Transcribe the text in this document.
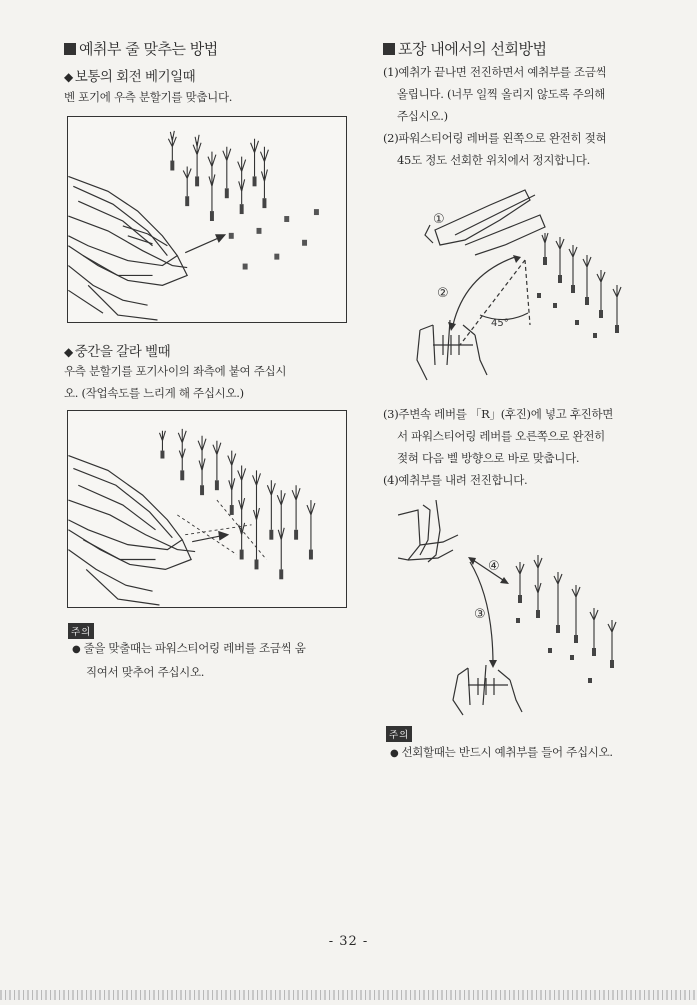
예취부 줄 맞추는 방법
◆ 보통의 회전 베기일때
벤 포기에 우측 분할기를 맞춥니다.
◆ 중간을 갈라 벨때
우측 분할기를 포기사이의 좌측에 붙여 주십시
오. (작업속도를 느리게 해 주십시오.)
주의
● 줄을 맞출때는 파워스티어링 레버를 조금씩 움
직여서 맞추어 주십시오.
포장 내에서의 선회방법
(1)예취가 끝나면 전진하면서 예취부를 조금씩
올립니다. (너무 일찍 올리지 않도록 주의해
주십시오.)
(2)파워스티어링 레버를 왼쪽으로 완전히 젖혀
45도 정도 선회한 위치에서 정지합니다.
①
②
45°
(3)주변속 레버를 「R」(후진)에 넣고 후진하면
서 파워스티어링 레버를 오른쪽으로 완전히
젖혀 다음 벨 방향으로 바로 맞춥니다.
(4)예취부를 내려 전진합니다.
④
③
주의
● 선회할때는 반드시 예취부를 들어 주십시오.
- 32 -
